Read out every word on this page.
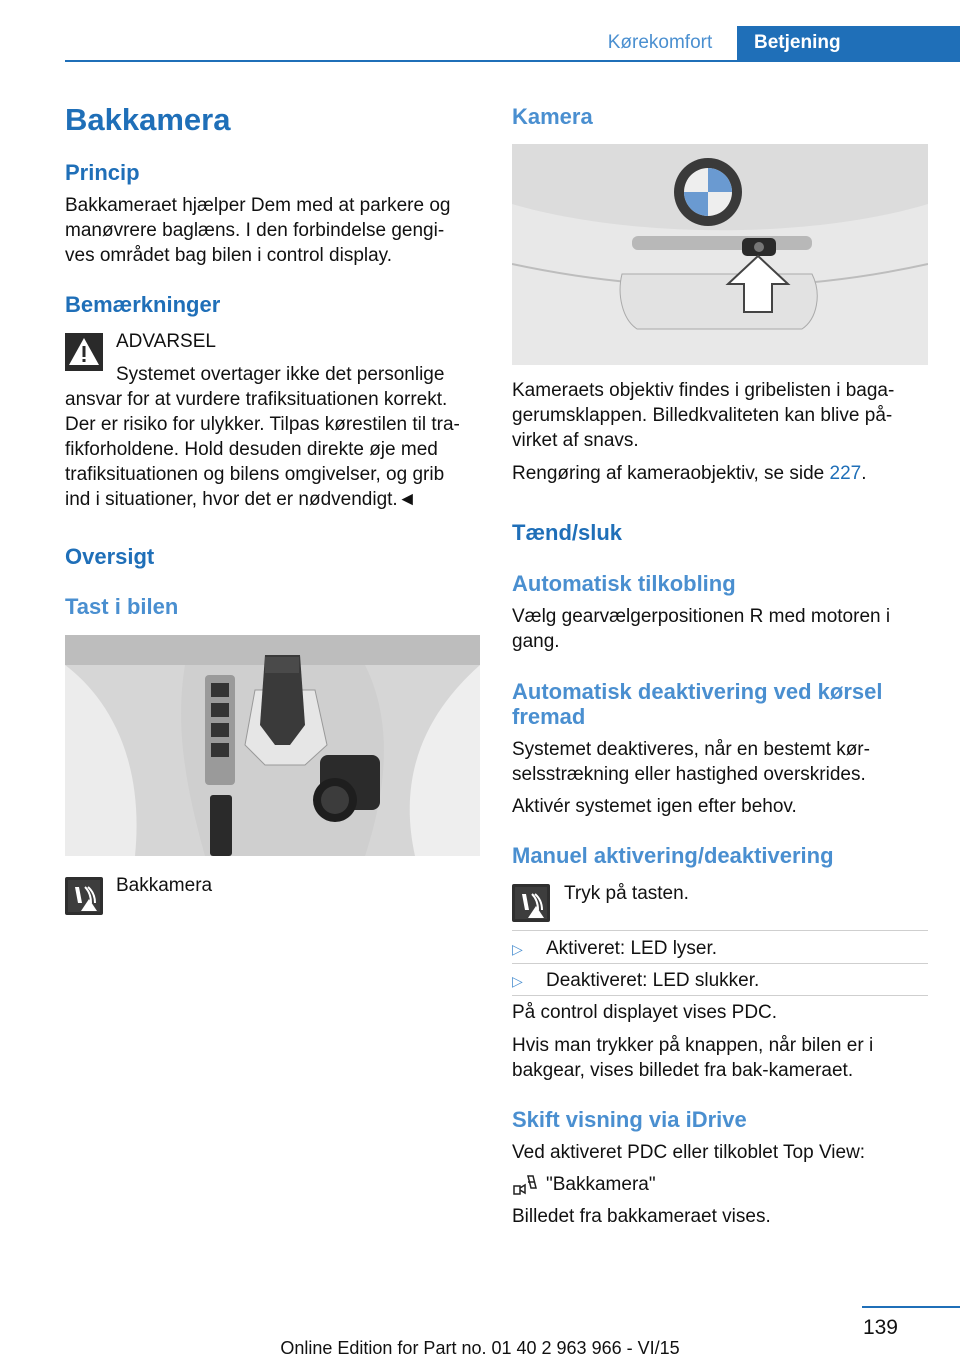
Kørekomfort	Betjening
Bakkamera
Princip
Bakkameraet hjælper Dem med at parkere og
manøvrere baglæns. I den forbindelse gengi-
ves området bag bilen i control display.
Bemærkninger
ADVARSEL
Systemet overtager ikke det personlige
ansvar for at vurdere trafiksituationen korrekt.
Der er risiko for ulykker. Tilpas kørestilen til tra-
fikforholdene. Hold desuden direkte øje med
trafiksituationen og bilens omgivelser, og grib
ind i situationer, hvor det er nødvendigt.◄
Oversigt
Tast i bilen
Bakkamera
Kamera
Kameraets objektiv findes i gribelisten i baga-
gerumsklappen. Billedkvaliteten kan blive på-
virket af snavs.
Rengøring af kameraobjektiv, se side 227.
Tænd/sluk
Automatisk tilkobling
Vælg gearvælgerpositionen R med motoren i
gang.
Automatisk deaktivering ved kørsel
fremad
Systemet deaktiveres, når en bestemt kør-
selsstrækning eller hastighed overskrides.
Aktivér systemet igen efter behov.
Manuel aktivering/deaktivering
Tryk på tasten.
▷ Aktiveret: LED lyser.
▷ Deaktiveret: LED slukker.
På control displayet vises PDC.
Hvis man trykker på knappen, når bilen er i
bakgear, vises billedet fra bak-kameraet.
Skift visning via iDrive
Ved aktiveret PDC eller tilkoblet Top View:
"Bakkamera"
Billedet fra bakkameraet vises.
139
Online Edition for Part no. 01 40 2 963 966 - VI/15
